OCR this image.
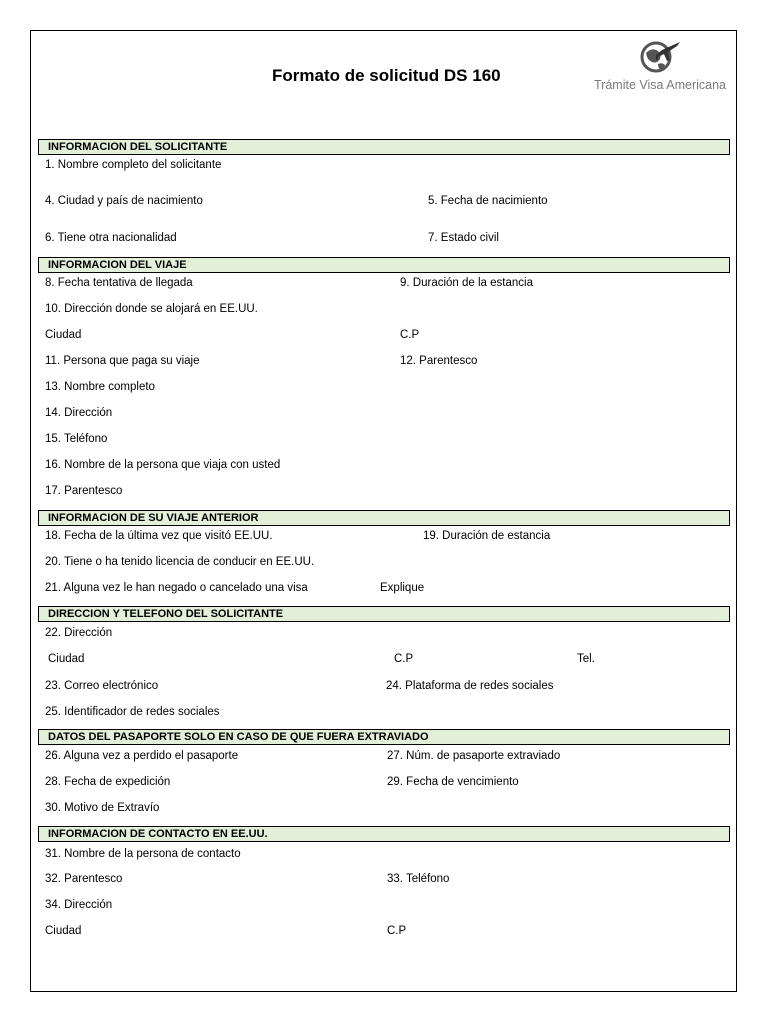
Formato de solicitud DS 160	Trámite Visa Americana
INFORMACION DEL SOLICITANTE
1. Nombre completo del solicitante
4. Ciudad y país de nacimiento	5. Fecha de nacimiento
6. Tiene otra nacionalidad	7. Estado civil
INFORMACION DEL VIAJE
8. Fecha tentativa de llegada	9. Duración de la estancia
10. Dirección donde se alojará en EE.UU.
Ciudad	C.P
11. Persona que paga su viaje	12. Parentesco
13. Nombre completo
14. Dirección
15. Teléfono
16. Nombre de la persona que viaja con usted
17. Parentesco
INFORMACION DE SU VIAJE ANTERIOR
18. Fecha de la última vez que visitó EE.UU.	19. Duración de estancia
20. Tiene o ha tenido licencia de conducir en EE.UU.
21. Alguna vez le han negado o cancelado una visa	Explique
DIRECCION Y TELEFONO DEL SOLICITANTE
22. Dirección
Ciudad	C.P	Tel.
23. Correo electrónico	24. Plataforma de redes sociales
25. Identificador de redes sociales
DATOS DEL PASAPORTE SOLO EN CASO DE QUE FUERA EXTRAVIADO
26. Alguna vez a perdido el pasaporte	27. Núm. de pasaporte extraviado
28. Fecha de expedición	29. Fecha de vencimiento
30. Motivo de Extravío
INFORMACION DE CONTACTO EN EE.UU.
31. Nombre de la persona de contacto
32. Parentesco	33. Teléfono
34. Dirección
Ciudad	C.P
